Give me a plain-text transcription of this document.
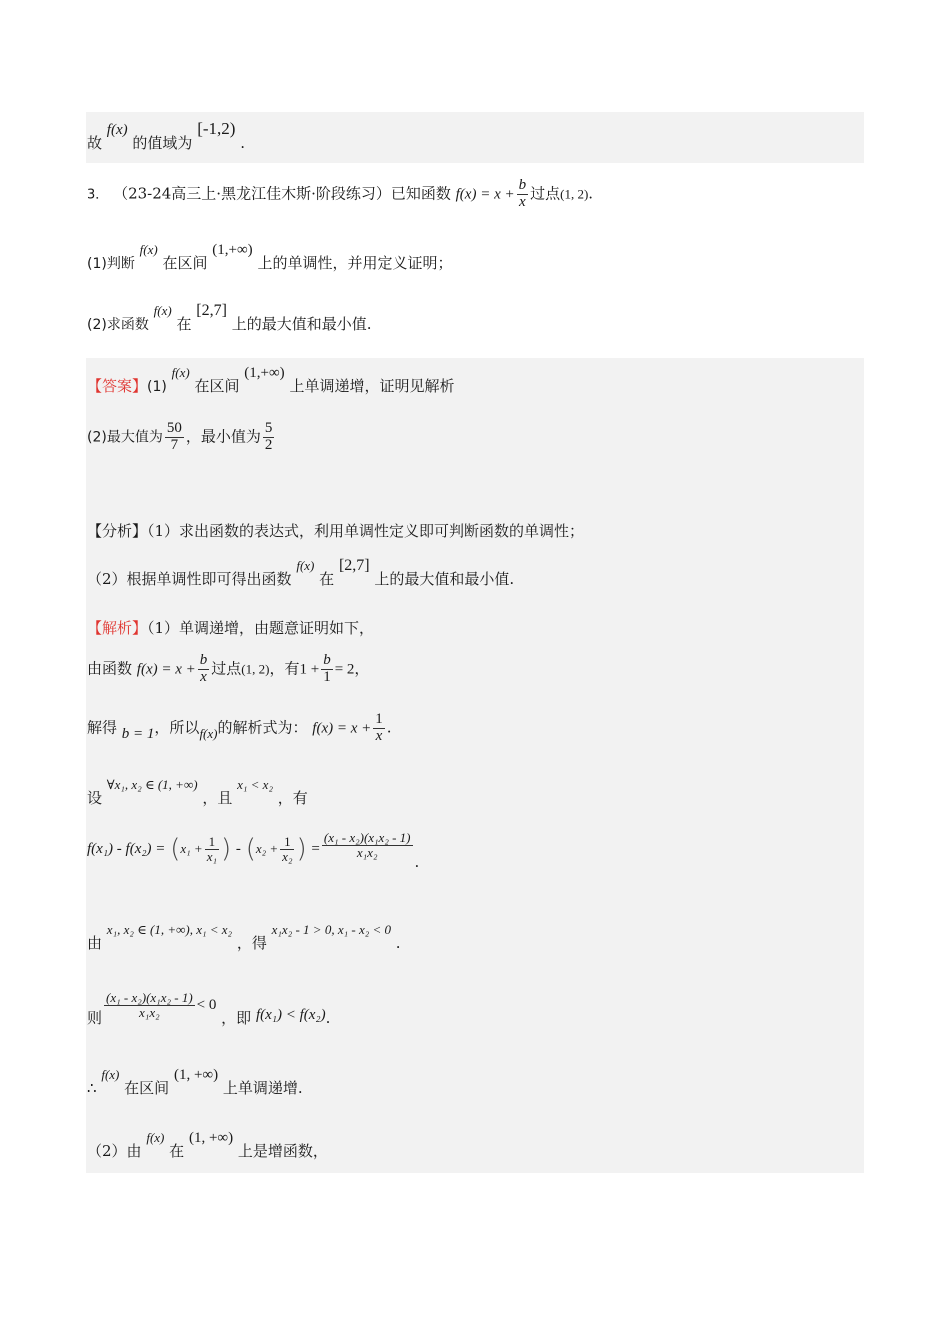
故 f(x) 的值域为 [-1,2) .
3． （23-24高三上·黑龙江佳木斯·阶段练习）已知函数 $f(x) = x + \frac{b}{x}$ 过点(1, 2).
(1)判断 f(x) 在区间 (1,+∞) 上的单调性，并用定义证明；
(2)求函数 f(x) 在 [2,7] 上的最大值和最小值.
【答案】(1) f(x) 在区间 (1,+∞) 上单调递增，证明见解析
(2)最大值为 $\frac{50}{7}$ ，最小值为 $\frac{5}{2}$
【分析】（1）求出函数的表达式，利用单调性定义即可判断函数的单调性；
（2）根据单调性即可得出函数 f(x) 在 [2,7] 上的最大值和最小值.
【解析】（1）单调递增，由题意证明如下，
由函数 $f(x) = x + \frac{b}{x}$ 过点(1, 2)，有$1 + \frac{b}{1} = 2$，
解得 b = 1，所以f(x)的解析式为： $f(x) = x + \frac{1}{x}$ .
设 ∀x₁, x₂ ∈ (1, +∞) ，且 x₁ < x₂ ，有
$f(x_1) - f(x_2) = (x_1 + \frac{1}{\text{x₁}}$ ) - ($x_2 + \frac{1}{\text{x₂}}$ ) = $\frac{\text{(x₁ - x₂)(x₁x₂ - 1)}}{\text{x₁x₂}}$
.
由 x₁, x₂ ∈ (1, +∞), x₁ < x₂ ，得 x₁x₂ - 1 > 0, x₁ - x₂ < 0 .
则 $\frac{\text{(x₁ - x₂)(x₁x₂ - 1)}}{\text{x₁x₂}} < 0$ ，即 f(x₁) < f(x₂).
∴ f(x) 在区间 (1, +∞) 上单调递增.
（2）由 f(x) 在 (1, +∞) 上是增函数，
